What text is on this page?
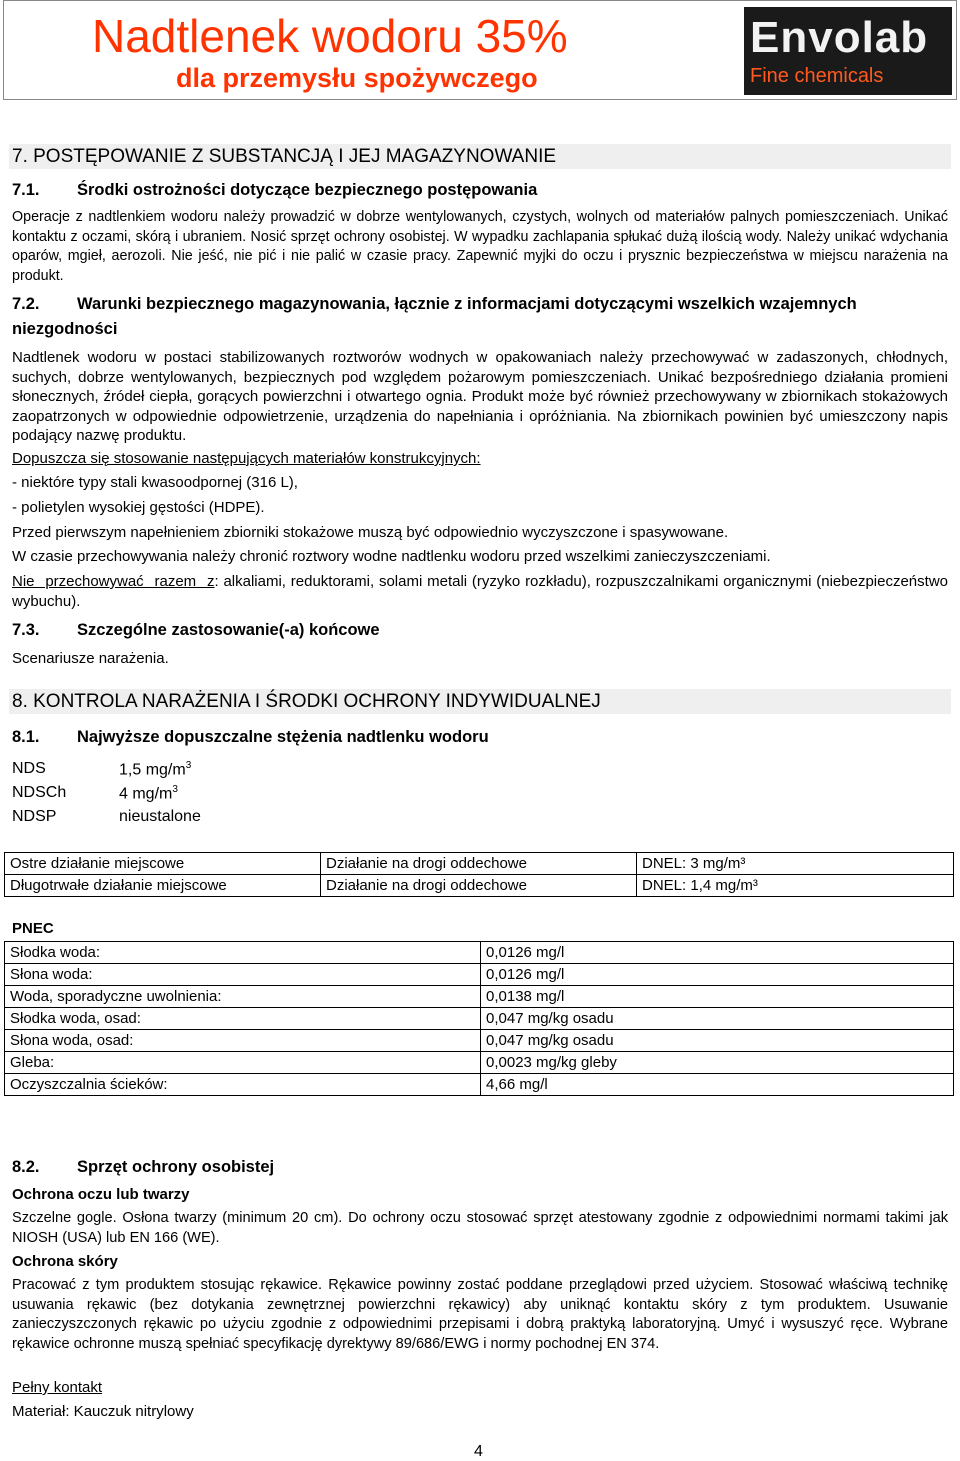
Nadtlenek wodoru 35%
dla przemysłu spożywczego
Envolab
Fine chemicals
7. POSTĘPOWANIE Z SUBSTANCJĄ I JEJ MAGAZYNOWANIE
7.1. Środki ostrożności dotyczące bezpiecznego postępowania
Operacje z nadtlenkiem wodoru należy prowadzić w dobrze wentylowanych, czystych, wolnych od materiałów palnych pomieszczeniach. Unikać kontaktu z oczami, skórą i ubraniem. Nosić sprzęt ochrony osobistej. W wypadku zachlapania spłukać dużą ilością wody. Należy unikać wdychania oparów, mgieł, aerozoli. Nie jeść, nie pić i nie palić w czasie pracy. Zapewnić myjki do oczu i prysznic bezpieczeństwa w miejscu narażenia na produkt.
7.2. Warunki bezpiecznego magazynowania, łącznie z informacjami dotyczącymi wszelkich wzajemnych
niezgodności
Nadtlenek wodoru w postaci stabilizowanych roztworów wodnych w opakowaniach należy przechowywać w zadaszonych, chłodnych, suchych, dobrze wentylowanych, bezpiecznych pod względem pożarowym pomieszczeniach. Unikać bezpośredniego działania promieni słonecznych, źródeł ciepła, gorących powierzchni i otwartego ognia. Produkt może być również przechowywany w zbiornikach stokażowych zaopatrzonych w odpowiednie odpowietrzenie, urządzenia do napełniania i opróżniania. Na zbiornikach powinien być umieszczony napis podający nazwę produktu.
Dopuszcza się stosowanie następujących materiałów konstrukcyjnych:
- niektóre typy stali kwasoodpornej (316 L),
- polietylen wysokiej gęstości (HDPE).
Przed pierwszym napełnieniem zbiorniki stokażowe muszą być odpowiednio wyczyszczone i spasywowane.
W czasie przechowywania należy chronić roztwory wodne nadtlenku wodoru przed wszelkimi zanieczyszczeniami.
Nie przechowywać razem z: alkaliami, reduktorami, solami metali (ryzyko rozkładu), rozpuszczalnikami organicznymi (niebezpieczeństwo wybuchu).
7.3. Szczególne zastosowanie(-a) końcowe
Scenariusze narażenia.
8. KONTROLA NARAŻENIA I ŚRODKI OCHRONY INDYWIDUALNEJ
8.1. Najwyższe dopuszczalne stężenia nadtlenku wodoru
NDS	1,5 $mg/m^3$
NDSCh	4 $mg/m^3$
NDSP	nieustalone
Ostre działanie miejscowe	Działanie na drogi oddechowe	DNEL: 3 mg/m³
Długotrwałe działanie miejscowe	Działanie na drogi oddechowe	DNEL: 1,4 mg/m³
PNEC
Słodka woda:	0,0126 mg/l
Słona woda:	0,0126 mg/l
Woda, sporadyczne uwolnienia:	0,0138 mg/l
Słodka woda, osad:	0,047 mg/kg osadu
Słona woda, osad:	0,047 mg/kg osadu
Gleba:	0,0023 mg/kg gleby
Oczyszczalnia ścieków:	4,66 mg/l
8.2. Sprzęt ochrony osobistej
Ochrona oczu lub twarzy
Szczelne gogle. Osłona twarzy (minimum 20 cm). Do ochrony oczu stosować sprzęt atestowany zgodnie z odpowiednimi normami takimi jak NIOSH (USA) lub EN 166 (WE).
Ochrona skóry
Pracować z tym produktem stosując rękawice. Rękawice powinny zostać poddane przeglądowi przed użyciem. Stosować właściwą technikę usuwania rękawic (bez dotykania zewnętrznej powierzchni rękawicy) aby uniknąć kontaktu skóry z tym produktem. Usuwanie zanieczyszczonych rękawic po użyciu zgodnie z odpowiednimi przepisami i dobrą praktyką laboratoryjną. Umyć i wysuszyć ręce. Wybrane rękawice ochronne muszą spełniać specyfikację dyrektywy 89/686/EWG i normy pochodnej EN 374.
Pełny kontakt
Materiał: Kauczuk nitrylowy
4
